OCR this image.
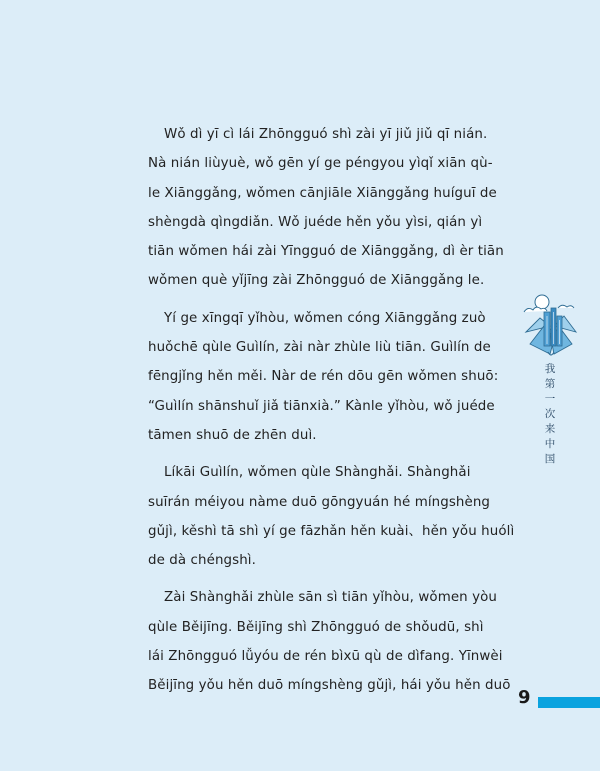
Wǒ dì yī cì lái Zhōngguó shì zài yī jiǔ jiǔ qī nián.
Nà nián liùyuè, wǒ gēn yí ge péngyou yìqǐ xiān qù-
le Xiānggǎng, wǒmen cānjiāle Xiānggǎng huíguī de
shèngdà qìngdiǎn. Wǒ juéde hěn yǒu yìsi, qián yì
tiān wǒmen hái zài Yīngguó de Xiānggǎng, dì èr tiān
wǒmen què yǐjīng zài Zhōngguó de Xiānggǎng le.

Yí ge xīngqī yǐhòu, wǒmen cóng Xiānggǎng zuò
huǒchē qùle Guìlín, zài nàr zhùle liù tiān. Guìlín de
fēngjǐng hěn měi. Nàr de rén dōu gēn wǒmen shuō:
“Guìlín shānshuǐ jiǎ tiānxià.” Kànle yǐhòu, wǒ juéde
tāmen shuō de zhēn duì.

Líkāi Guìlín, wǒmen qùle Shànghǎi. Shànghǎi
suīrán méiyou nàme duō gōngyuán hé míngshèng
gǔjì, kěshì tā shì yí ge fāzhǎn hěn kuài、hěn yǒu huólì
de dà chéngshì.

Zài Shànghǎi zhùle sān sì tiān yǐhòu, wǒmen yòu
qùle Běijīng. Běijīng shì Zhōngguó de shǒudū, shì
lái Zhōngguó lǚyóu de rén bìxū qù de dìfang. Yīnwèi
Běijīng yǒu hěn duō míngshèng gǔjì, hái yǒu hěn duō

我
第
一
次
来
中
国
9
